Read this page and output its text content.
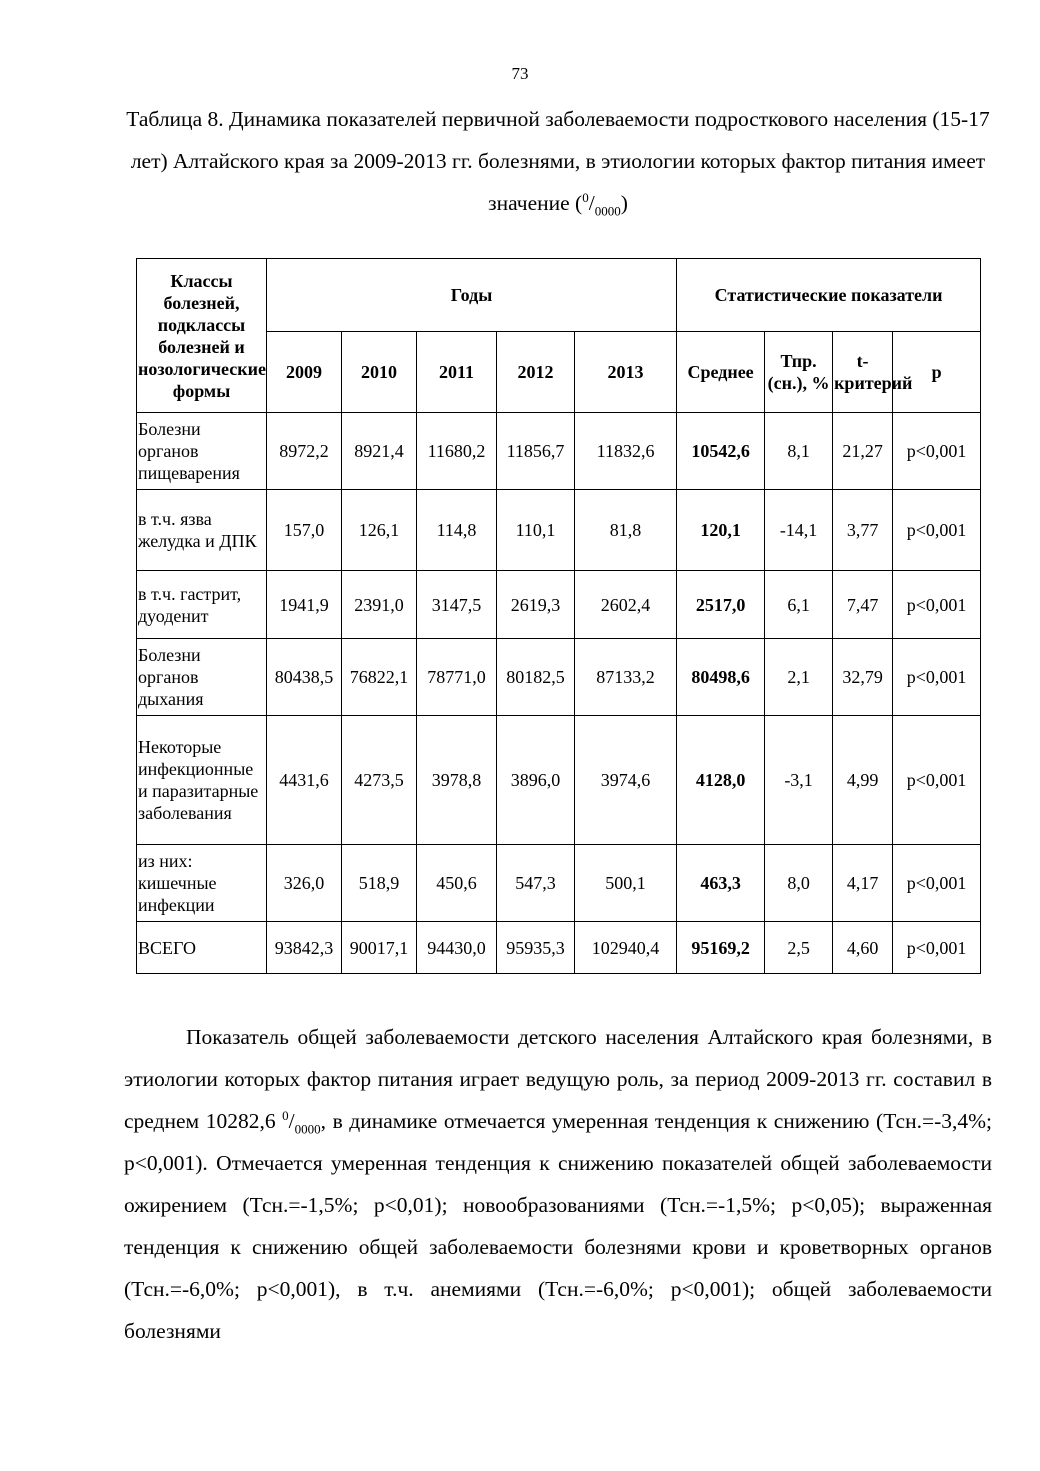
73
Таблица 8. Динамика показателей первичной заболеваемости подросткового населения (15-17 лет) Алтайского края за 2009-2013 гг. болезнями, в этиологии которых фактор питания имеет значение $(^0/_{0000})$
Классы болезней, подклассы болезней и нозологические формы	Годы					Статистические показатели			
	2009	2010	2011	2012	2013	Среднее	Тпр. (сн.), %	t-критерий	р
Болезни органов пищеварения	8972,2	8921,4	11680,2	11856,7	11832,6	10542,6	8,1	21,27	p<0,001
в т.ч. язва желудка и ДПК	157,0	126,1	114,8	110,1	81,8	120,1	-14,1	3,77	p<0,001
в т.ч. гастрит, дуоденит	1941,9	2391,0	3147,5	2619,3	2602,4	2517,0	6,1	7,47	p<0,001
Болезни органов дыхания	80438,5	76822,1	78771,0	80182,5	87133,2	80498,6	2,1	32,79	p<0,001
Некоторые инфекционные и паразитарные заболевания	4431,6	4273,5	3978,8	3896,0	3974,6	4128,0	-3,1	4,99	p<0,001
из них: кишечные инфекции	326,0	518,9	450,6	547,3	500,1	463,3	8,0	4,17	p<0,001
ВСЕГО	93842,3	90017,1	94430,0	95935,3	102940,4	95169,2	2,5	4,60	p<0,001

Показатель общей заболеваемости детского населения Алтайского края болезнями, в этиологии которых фактор питания играет ведущую роль, за период 2009-2013 гг. составил в среднем 10282,6 $^0/_{0000}$, в динамике отмечается умеренная тенденция к снижению (Тсн.=-3,4%; p<0,001). Отмечается умеренная тенденция к снижению показателей общей заболеваемости ожирением (Тсн.=-1,5%; p<0,01); новообразованиями (Тсн.=-1,5%; p<0,05); выраженная тенденция к снижению общей заболеваемости болезнями крови и кроветворных органов (Тсн.=-6,0%; p<0,001), в т.ч. анемиями (Тсн.=-6,0%; p<0,001); общей заболеваемости болезнями
